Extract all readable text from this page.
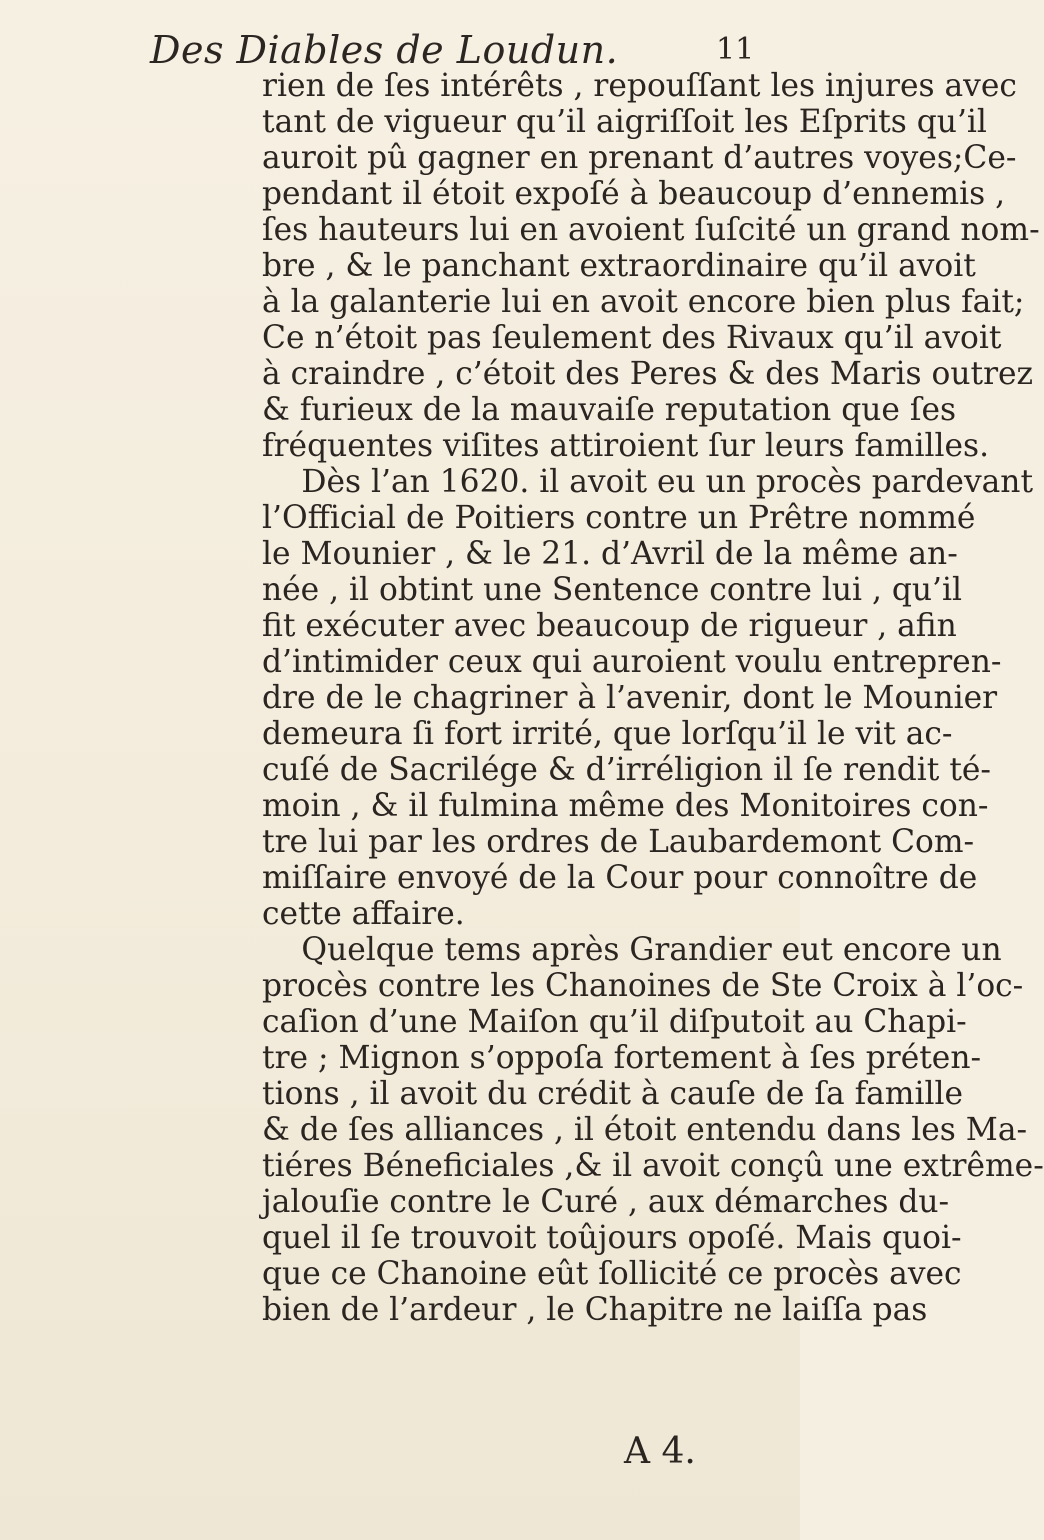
Des Diables de Loudun.	11
rien de ſes intérêts , repouſſant les injures avec
tant de vigueur qu’il aigriſſoit les Eſprits qu’il
auroit pû gagner en prenant d’autres voyes;Ce-
pendant il étoit expoſé à beaucoup d’ennemis ,
ſes hauteurs lui en avoient ſuſcité un grand nom-
bre , & le panchant extraordinaire qu’il avoit
à la galanterie lui en avoit encore bien plus fait;
Ce n’étoit pas ſeulement des Rivaux qu’il avoit
à craindre , c’étoit des Peres & des Maris outrez
& furieux de la mauvaiſe reputation que ſes
fréquentes viſites attiroient ſur leurs familles.
Dès l’an 1620. il avoit eu un procès pardevant
l’Official de Poitiers contre un Prêtre nommé
le Mounier , & le 21. d’Avril de la même an-
née , il obtint une Sentence contre lui , qu’il
fit exécuter avec beaucoup de rigueur , afin
d’intimider ceux qui auroient voulu entrepren-
dre de le chagriner à l’avenir, dont le Mounier
demeura ſi fort irrité, que lorſqu’il le vit ac-
cuſé de Sacrilége & d’irréligion il ſe rendit té-
moin , & il fulmina même des Monitoires con-
tre lui par les ordres de Laubardemont Com-
miſſaire envoyé de la Cour pour connoître de
cette affaire.
Quelque tems après Grandier eut encore un
procès contre les Chanoines de Ste Croix à l’oc-
caſion d’une Maiſon qu’il diſputoit au Chapi-
tre ; Mignon s’oppoſa fortement à ſes préten-
tions , il avoit du crédit à cauſe de ſa famille
& de ſes alliances , il étoit entendu dans les Ma-
tiéres Béneficiales ,& il avoit conçû une extrême-
jalouſie contre le Curé , aux démarches du-
quel il ſe trouvoit toûjours opoſé. Mais quoi-
que ce Chanoine eût ſollicité ce procès avec
bien de l’ardeur , le Chapitre ne laiſſa pas
A 4.
